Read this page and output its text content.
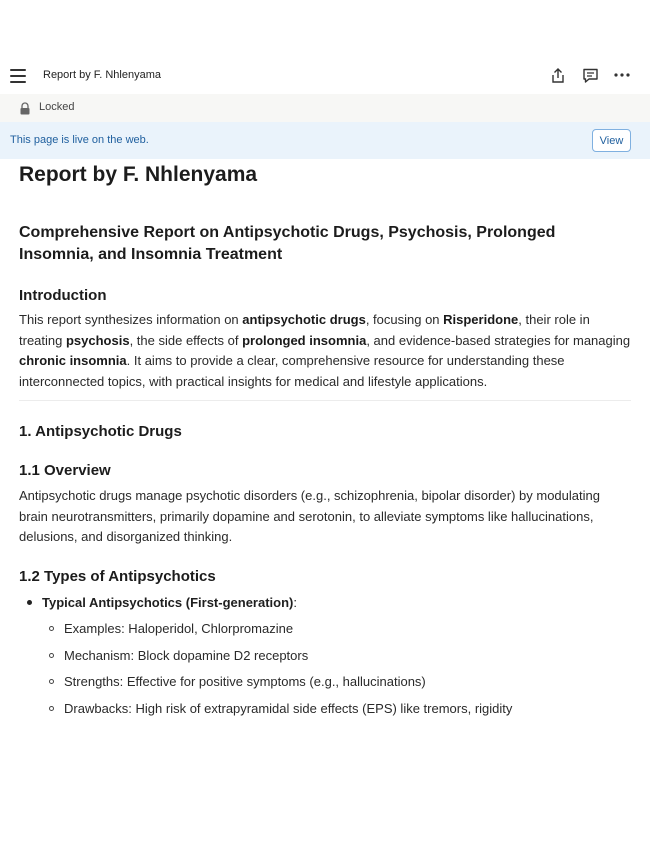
Report by F. Nhlenyama
Locked
This page is live on the web.	View
Report by F. Nhlenyama
Comprehensive Report on Antipsychotic Drugs, Psychosis, Prolonged Insomnia, and Insomnia Treatment
Introduction
This report synthesizes information on antipsychotic drugs, focusing on Risperidone, their role in treating psychosis, the side effects of prolonged insomnia, and evidence-based strategies for managing chronic insomnia. It aims to provide a clear, comprehensive resource for understanding these interconnected topics, with practical insights for medical and lifestyle applications.
1. Antipsychotic Drugs
1.1 Overview
Antipsychotic drugs manage psychotic disorders (e.g., schizophrenia, bipolar disorder) by modulating brain neurotransmitters, primarily dopamine and serotonin, to alleviate symptoms like hallucinations, delusions, and disorganized thinking.
1.2 Types of Antipsychotics
Typical Antipsychotics (First-generation):
Examples: Haloperidol, Chlorpromazine
Mechanism: Block dopamine D2 receptors
Strengths: Effective for positive symptoms (e.g., hallucinations)
Drawbacks: High risk of extrapyramidal side effects (EPS) like tremors, rigidity
